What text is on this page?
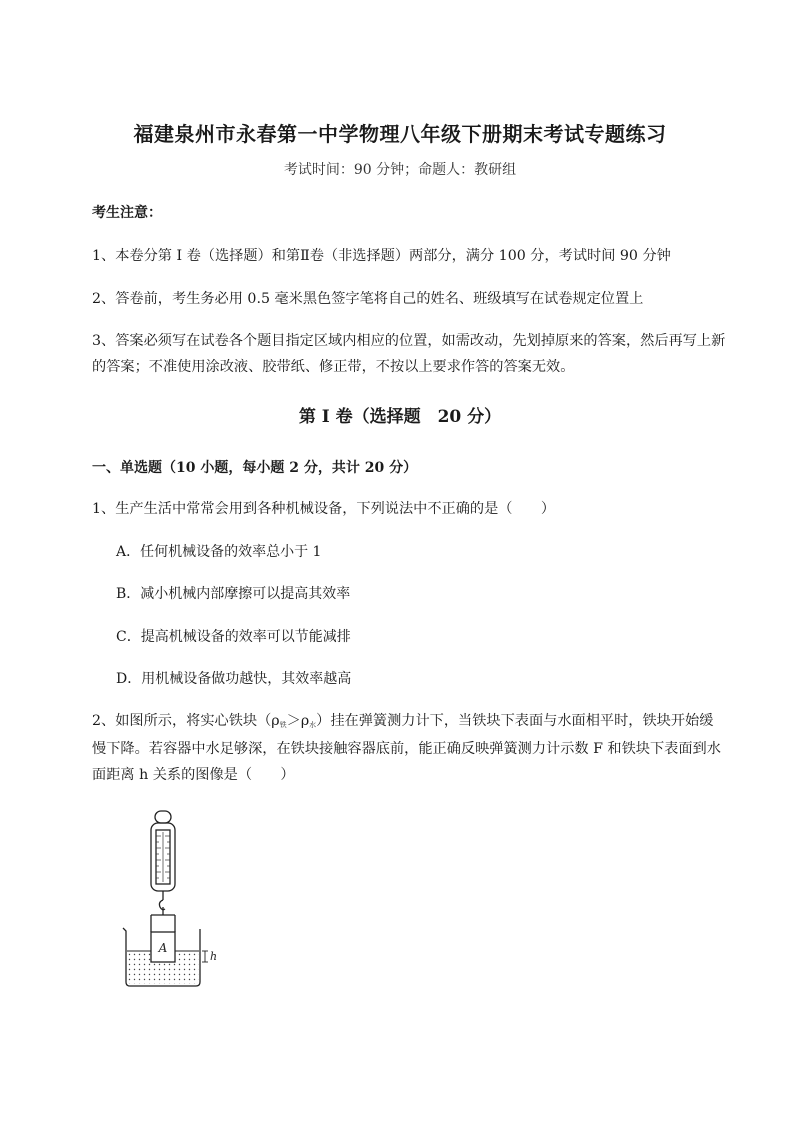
福建泉州市永春第一中学物理八年级下册期末考试专题练习
考试时间：90 分钟；命题人：教研组
考生注意：
1、本卷分第 I 卷（选择题）和第Ⅱ卷（非选择题）两部分，满分 100 分，考试时间 90 分钟
2、答卷前，考生务必用 0.5 毫米黑色签字笔将自己的姓名、班级填写在试卷规定位置上
3、答案必须写在试卷各个题目指定区域内相应的位置，如需改动，先划掉原来的答案，然后再写上新
的答案；不准使用涂改液、胶带纸、修正带，不按以上要求作答的答案无效。
第 I 卷（选择题　20 分）
一、单选题（10 小题，每小题 2 分，共计 20 分）
1、生产生活中常常会用到各种机械设备，下列说法中不正确的是（　　）
A．任何机械设备的效率总小于 1
B．减小机械内部摩擦可以提高其效率
C．提高机械设备的效率可以节能减排
D．用机械设备做功越快，其效率越高
2、如图所示，将实心铁块（ρ铁＞ρ水）挂在弹簧测力计下，当铁块下表面与水面相平时，铁块开始缓
慢下降。若容器中水足够深，在铁块接触容器底前，能正确反映弹簧测力计示数 F 和铁块下表面到水
面距离 h 关系的图像是（　　）
A
h
